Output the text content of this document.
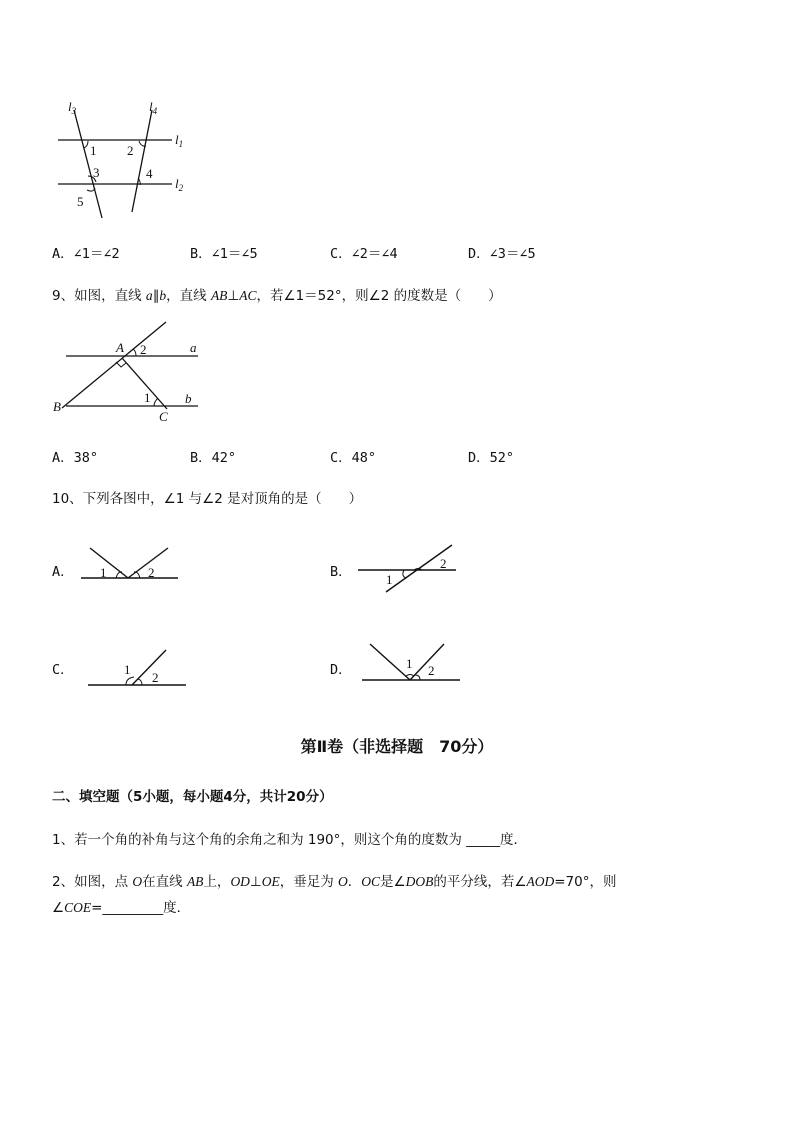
$l_3$	$l_4$
$l_1$
$l_2$
1 2
3	4
5
A．∠1＝∠2	B．∠1＝∠5	C．∠2＝∠4	D．∠3＝∠5
9、如图，直线 a∥b，直线 AB⊥AC，若∠1＝52°，则∠2 的度数是（　　）
A 2	a
B
1	b
C
A．38°	B．42°	C．48°	D．52°
10、下列各图中，∠1 与∠2 是对顶角的是（　　）
A． 1	2	B．	1
2
C．	1
2	D．	1 2
第Ⅱ卷（非选择题　70分）
二、填空题（5小题，每小题4分，共计20分）
1、若一个角的补角与这个角的余角之和为 190°，则这个角的度数为 _____度．
2、如图，点 O在直线 AB上，OD⊥OE，垂足为 O．OC是∠DOB的平分线，若∠AOD=70°，则
∠COE=_________度．
